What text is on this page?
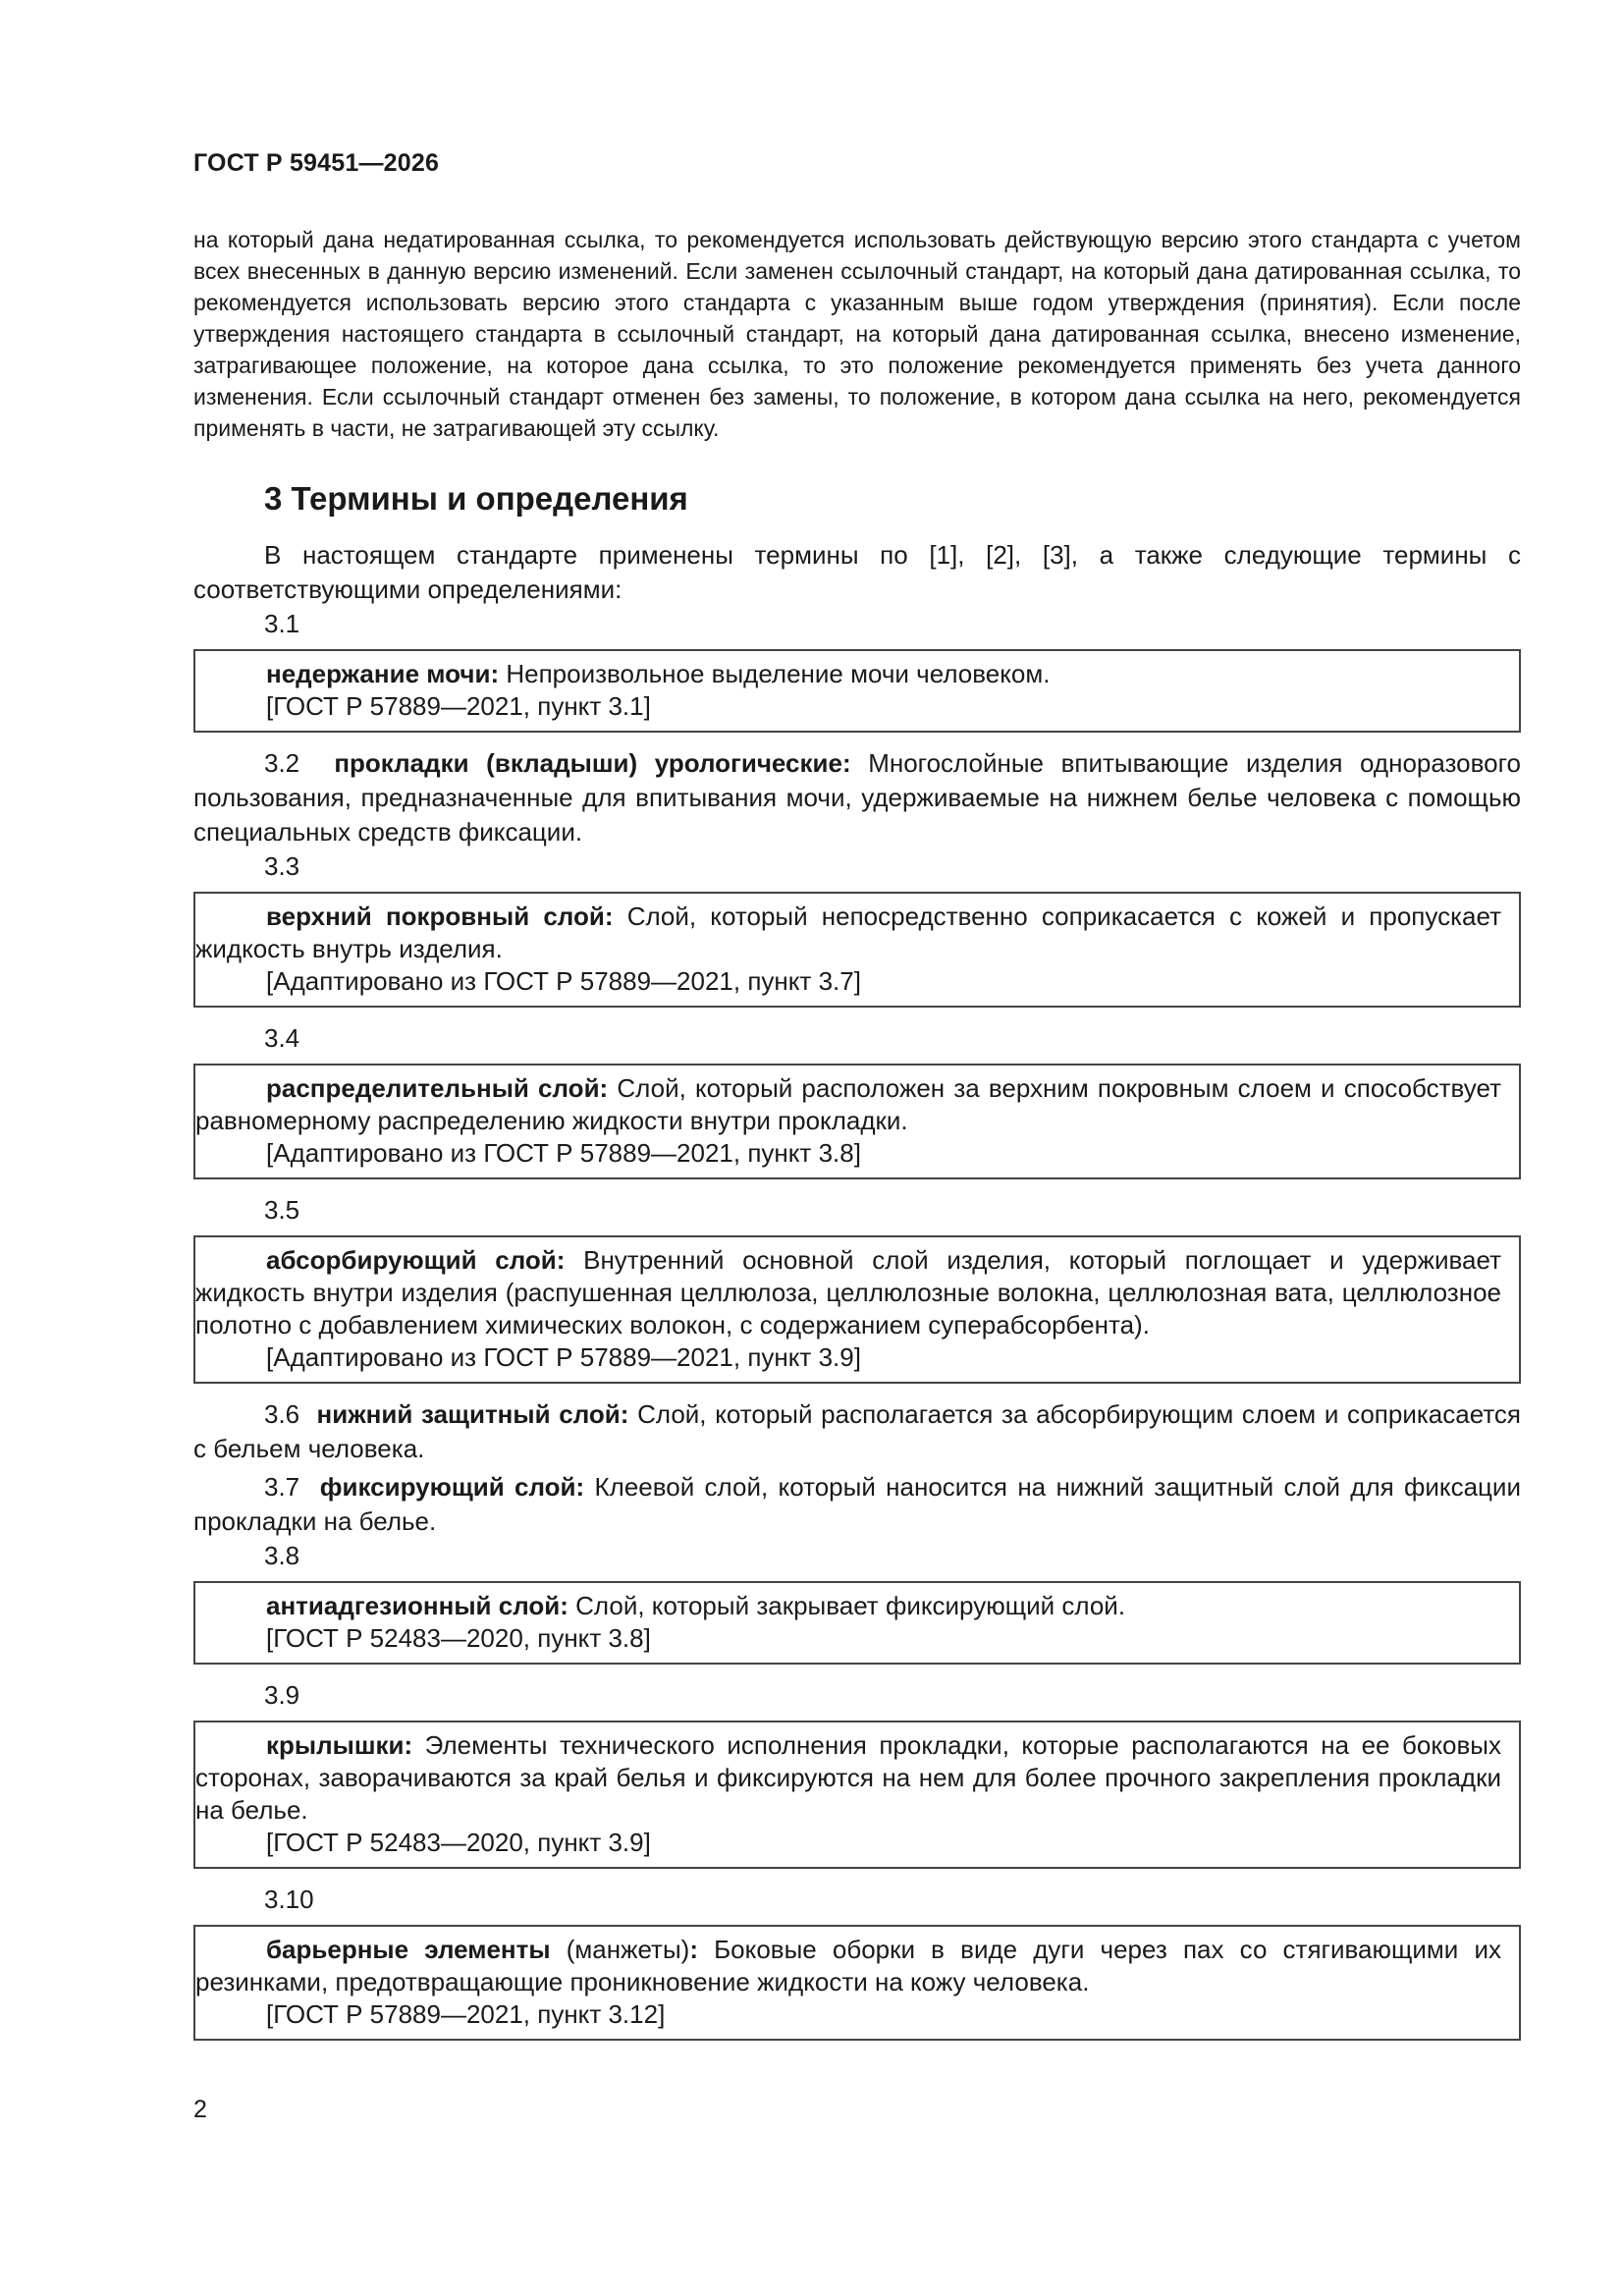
ГОСТ Р 59451—2026

на который дана недатированная ссылка, то рекомендуется использовать действующую версию этого стандарта с учетом всех внесенных в данную версию изменений. Если заменен ссылочный стандарт, на который дана датированная ссылка, то рекомендуется использовать версию этого стандарта с указанным выше годом утверждения (принятия). Если после утверждения настоящего стандарта в ссылочный стандарт, на который дана датированная ссылка, внесено изменение, затрагивающее положение, на которое дана ссылка, то это положение рекомендуется применять без учета данного изменения. Если ссылочный стандарт отменен без замены, то положение, в котором дана ссылка на него, рекомендуется применять в части, не затрагивающей эту ссылку.

3 Термины и определения

В настоящем стандарте применены термины по [1], [2], [3], а также следующие термины с соответствующими определениями:

3.1

недержание мочи: Непроизвольное выделение мочи человеком.

[ГОСТ Р 57889—2021, пункт 3.1]

3.2 прокладки (вкладыши) урологические: Многослойные впитывающие изделия одноразового пользования, предназначенные для впитывания мочи, удерживаемые на нижнем белье человека с помощью специальных средств фиксации.

3.3

верхний покровный слой: Слой, который непосредственно соприкасается с кожей и пропускает жидкость внутрь изделия.

[Адаптировано из ГОСТ Р 57889—2021, пункт 3.7]

3.4

распределительный слой: Слой, который расположен за верхним покровным слоем и способствует равномерному распределению жидкости внутри прокладки.

[Адаптировано из ГОСТ Р 57889—2021, пункт 3.8]

3.5

абсорбирующий слой: Внутренний основной слой изделия, который поглощает и удерживает жидкость внутри изделия (распушенная целлюлоза, целлюлозные волокна, целлюлозная вата, целлюлозное полотно с добавлением химических волокон, с содержанием суперабсорбента).

[Адаптировано из ГОСТ Р 57889—2021, пункт 3.9]

3.6 нижний защитный слой: Слой, который располагается за абсорбирующим слоем и соприкасается с бельем человека.

3.7 фиксирующий слой: Клеевой слой, который наносится на нижний защитный слой для фиксации прокладки на белье.

3.8

антиадгезионный слой: Слой, который закрывает фиксирующий слой.

[ГОСТ Р 52483—2020, пункт 3.8]

3.9

крылышки: Элементы технического исполнения прокладки, которые располагаются на ее боковых сторонах, заворачиваются за край белья и фиксируются на нем для более прочного закрепления прокладки на белье.

[ГОСТ Р 52483—2020, пункт 3.9]

3.10

барьерные элементы (манжеты): Боковые оборки в виде дуги через пах со стягивающими их резинками, предотвращающие проникновение жидкости на кожу человека.

[ГОСТ Р 57889—2021, пункт 3.12]

2
